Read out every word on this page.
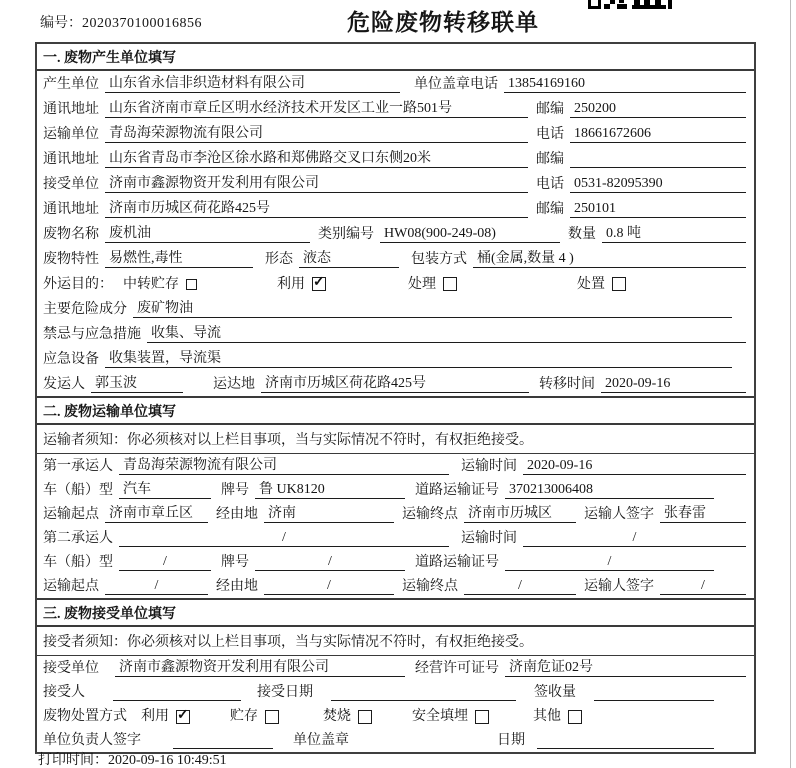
编号：2020370100016856	危险废物转移联单
一. 废物产生单位填写
产生单位 山东省永信非织造材料有限公司	单位盖章 电话 13854169160
通讯地址 山东省济南市章丘区明水经济技术开发区工业一路501号	邮编 250200
运输单位 青岛海荣源物流有限公司	电话 18661672606
通讯地址 山东省青岛市李沧区徐水路和郑佛路交叉口东侧20米	邮编
接受单位 济南市鑫源物资开发利用有限公司	电话 0531-82095390
通讯地址 济南市历城区荷花路425号	邮编 250101
废物名称 废机油	类别编号 HW08(900-249-08)	数量 0.8 吨
废物特性 易燃性,毒性	形态 液态	包装方式 桶(金属,数量 4 )
外运目的： 中转贮存	利用 ✓	处理	处置
主要危险成分 废矿物油
禁忌与应急措施 收集、导流
应急设备 收集装置，导流渠
发运人 郭玉波	运达地 济南市历城区荷花路425号	转移时间 2020-09-16
二. 废物运输单位填写
运输者须知：你必须核对以上栏目事项，当与实际情况不符时，有权拒绝接受。
第一承运人 青岛海荣源物流有限公司	运输时间 2020-09-16
车（船）型 汽车	牌号 鲁 UK8120	道路运输证号 370213006408
运输起点 济南市章丘区	经由地 济南	运输终点 济南市历城区	运输人签字 张春雷
第二承运人	/	运输时间	/
车（船）型	/	牌号	/	道路运输证号	/
运输起点	/	经由地	/	运输终点	/	运输人签字	/
三. 废物接受单位填写
接受者须知：你必须核对以上栏目事项，当与实际情况不符时，有权拒绝接受。
接受单位 济南市鑫源物资开发利用有限公司	经营许可证号 济南危证02号
接受人	接受日期	签收量
废物处置方式 利用 ✓	贮存	焚烧	安全填埋	其他
单位负责人签字	单位盖章	日期
打印时间：2020-09-16 10:49:51
